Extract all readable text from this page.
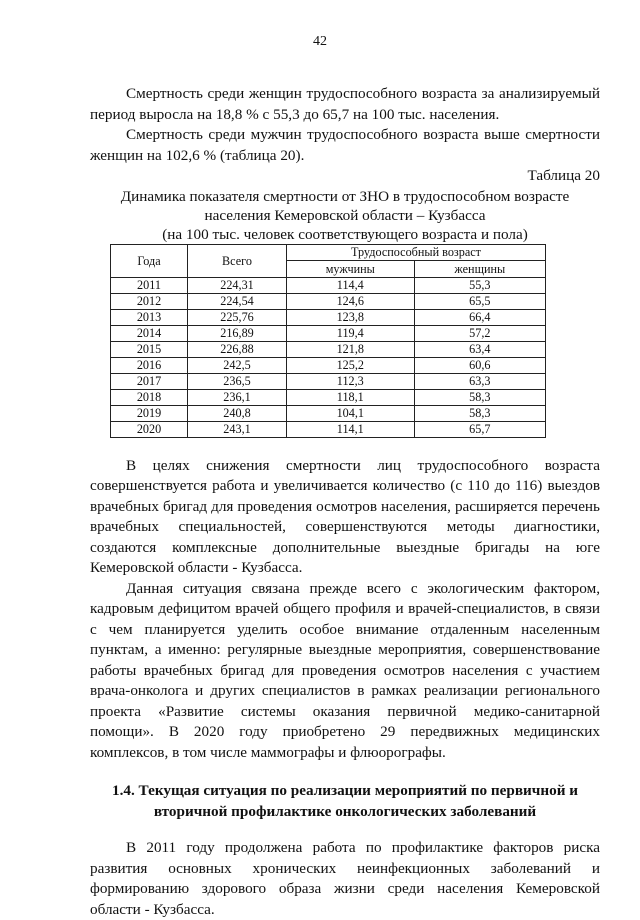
42

Смертность среди женщин трудоспособного возраста за анализируемый период выросла на 18,8 % с 55,3 до 65,7 на 100 тыс. населения.

Смертность среди мужчин трудоспособного возраста выше смертности женщин на 102,6 % (таблица 20).

Таблица 20

Динамика показателя смертности от ЗНО в трудоспособном возрасте

населения Кемеровской области – Кузбасса

(на 100 тыс. человек соответствующего возраста и пола)

Года	Всего	Трудоспособный возраст	
		мужчины	женщины
2011	224,31	114,4	55,3
2012	224,54	124,6	65,5
2013	225,76	123,8	66,4
2014	216,89	119,4	57,2
2015	226,88	121,8	63,4
2016	242,5	125,2	60,6
2017	236,5	112,3	63,3
2018	236,1	118,1	58,3
2019	240,8	104,1	58,3
2020	243,1	114,1	65,7

В целях снижения смертности лиц трудоспособного возраста совершенствуется работа и увеличивается количество (с 110 до 116) выездов врачебных бригад для проведения осмотров населения, расширяется перечень врачебных специальностей, совершенствуются методы диагностики, создаются комплексные дополнительные выездные бригады на юге Кемеровской области - Кузбасса.

Данная ситуация связана прежде всего с экологическим фактором, кадровым дефицитом врачей общего профиля и врачей-специалистов, в связи с чем планируется уделить особое внимание отдаленным населенным пунктам, а именно: регулярные выездные мероприятия, совершенствование работы врачебных бригад для проведения осмотров населения с участием врача-онколога и других специалистов в рамках реализации регионального проекта «Развитие системы оказания первичной медико-санитарной помощи». В 2020 году приобретено 29 передвижных медицинских комплексов, в том числе маммографы и флюорографы.

1.4. Текущая ситуация по реализации мероприятий по первичной и
вторичной профилактике онкологических заболеваний

В 2011 году продолжена работа по профилактике факторов риска развития основных хронических неинфекционных заболеваний и формированию здорового образа жизни среди населения Кемеровской области - Кузбасса.
